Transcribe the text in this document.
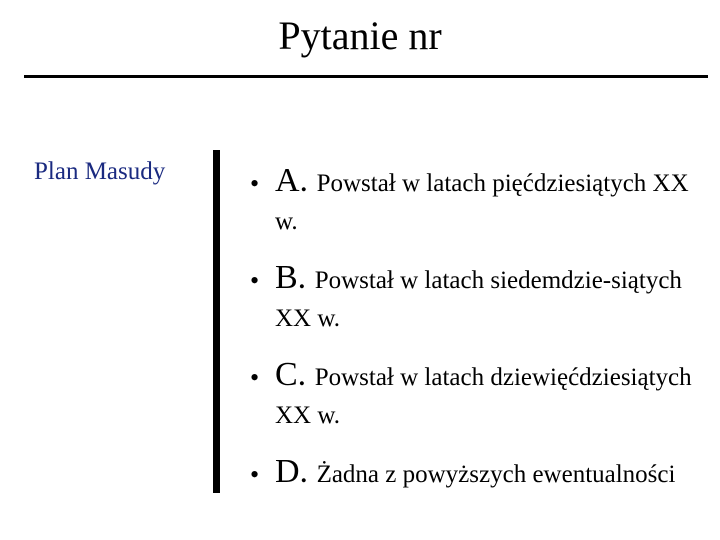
Pytanie nr
Plan Masudy	• A. Powstał w latach pięćdziesiątych XX w.
• B. Powstał w latach siedemdzie-siątych XX w.
• C. Powstał w latach dziewięćdziesiątych XX w.
• D. Żadna z powyższych ewentualności
